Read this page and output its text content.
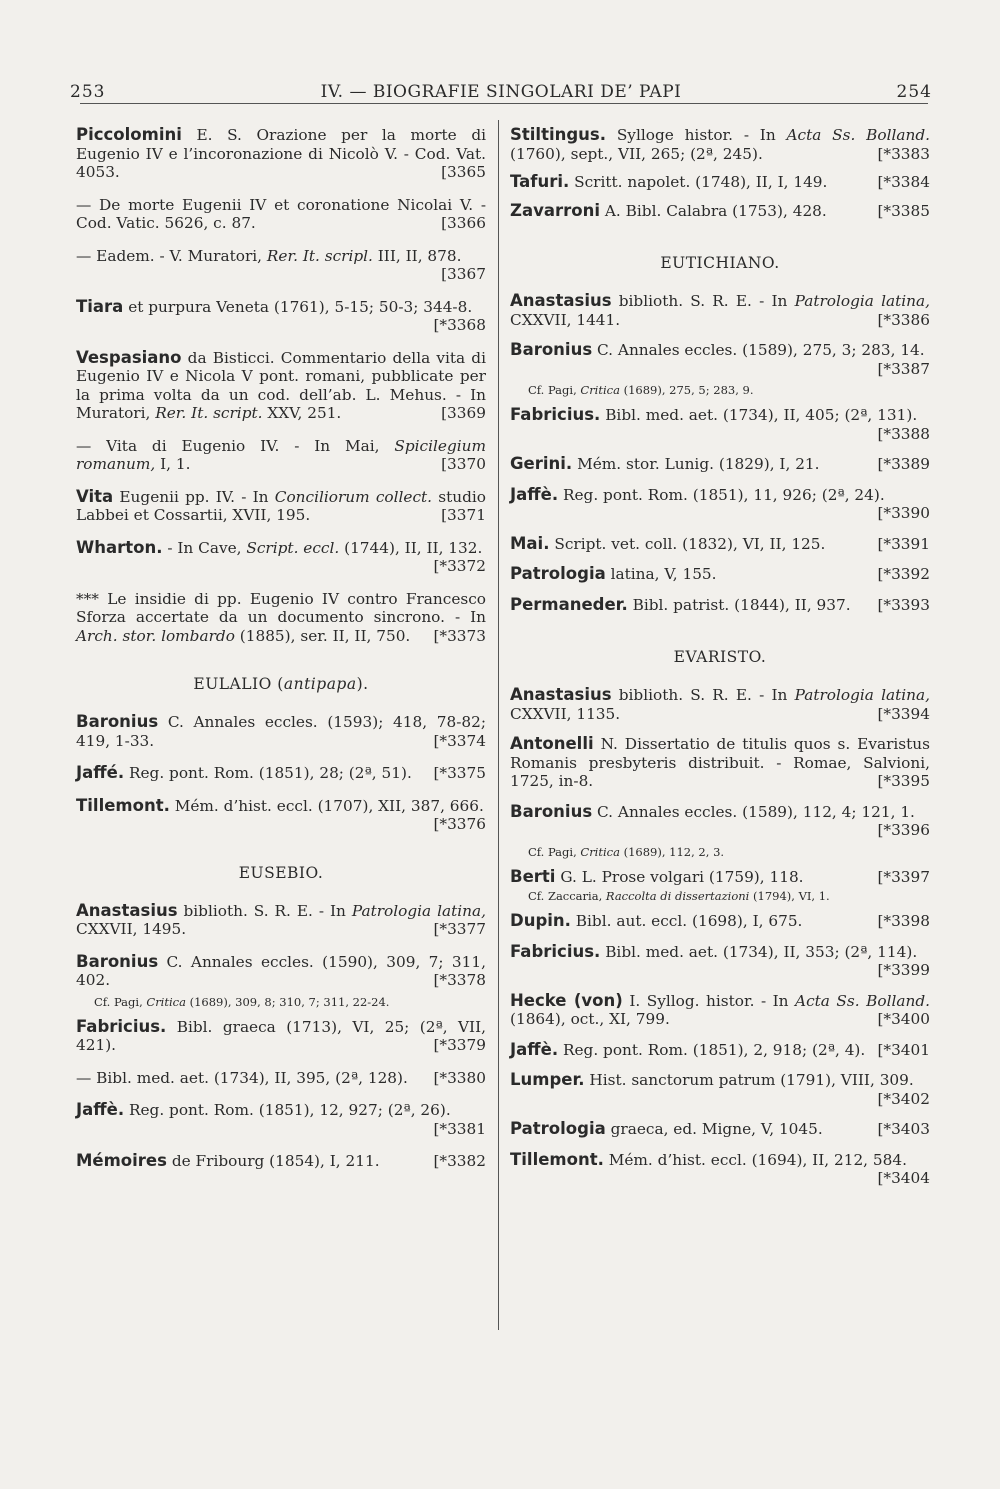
253	IV. — BIOGRAFIE SINGOLARI DE’ PAPI	254
Piccolomini E. S. Orazione per la morte di Eugenio IV e l’incoronazione di Nicolò V. - Cod. Vat. 4053.	[3365
— De morte Eugenii IV et coronatione Nicolai V. - Cod. Vatic. 5626, c. 87.	[3366
— Eadem. - V. Muratori, Rer. It. scripl. III, II, 878.
[3367
Tiara et purpura Veneta (1761), 5-15; 50-3; 344-8.
[*3368
Vespasiano da Bisticci. Commentario della vita di Eugenio IV e Nicola V pont. romani, pubblicate per la prima volta da un cod. dell’ab. L. Mehus. - In Muratori, Rer. It. script. XXV, 251.	[3369
— Vita di Eugenio IV. - In Mai, Spicilegium romanum, I, 1.	[3370
Vita Eugenii pp. IV. - In Conciliorum collect. studio Labbei et Cossartii, XVII, 195.	[3371
Wharton. - In Cave, Script. eccl. (1744), II, II, 132.
[*3372
*** Le insidie di pp. Eugenio IV contro Francesco Sforza accertate da un documento sincrono. - In Arch. stor. lombardo (1885), ser. II, II, 750. [*3373
EULALIO (antipapa).
Baronius C. Annales eccles. (1593); 418, 78-82; 419, 1-33.	[*3374
Jaffé. Reg. pont. Rom. (1851), 28; (2ª, 51). [*3375
Tillemont. Mém. d’hist. eccl. (1707), XII, 387, 666.
[*3376
EUSEBIO.
Anastasius biblioth. S. R. E. - In Patrologia latina, CXXVII, 1495.	[*3377
Baronius C. Annales eccles. (1590), 309, 7; 311, 402.	[*3378
Cf. Pagi, Critica (1689), 309, 8; 310, 7; 311, 22-24.
Fabricius. Bibl. graeca (1713), VI, 25; (2ª, VII, 421).	[*3379
— Bibl. med. aet. (1734), II, 395, (2ª, 128). [*3380
Jaffè. Reg. pont. Rom. (1851), 12, 927; (2ª, 26).
[*3381
Mémoires de Fribourg (1854), I, 211.	[*3382
Stiltingus. Sylloge histor. - In Acta Ss. Bolland. (1760), sept., VII, 265; (2ª, 245).	[*3383
Tafuri. Scritt. napolet. (1748), II, I, 149.	[*3384
Zavarroni A. Bibl. Calabra (1753), 428.	[*3385
EUTICHIANO.
Anastasius biblioth. S. R. E. - In Patrologia latina, CXXVII, 1441.	[*3386
Baronius C. Annales eccles. (1589), 275, 3; 283, 14.
[*3387
Cf. Pagi, Critica (1689), 275, 5; 283, 9.
Fabricius. Bibl. med. aet. (1734), II, 405; (2ª, 131).
[*3388
Gerini. Mém. stor. Lunig. (1829), I, 21.	[*3389
Jaffè. Reg. pont. Rom. (1851), 11, 926; (2ª, 24).
[*3390
Mai. Script. vet. coll. (1832), VI, II, 125.	[*3391
Patrologia latina, V, 155.	[*3392
Permaneder. Bibl. patrist. (1844), II, 937. [*3393
EVARISTO.
Anastasius biblioth. S. R. E. - In Patrologia latina, CXXVII, 1135.	[*3394
Antonelli N. Dissertatio de titulis quos s. Evaristus Romanis presbyteris distribuit. - Romae, Salvioni, 1725, in-8.	[*3395
Baronius C. Annales eccles. (1589), 112, 4; 121, 1.
[*3396
Cf. Pagi, Critica (1689), 112, 2, 3.
Berti G. L. Prose volgari (1759), 118.	[*3397
Cf. Zaccaria, Raccolta di dissertazioni (1794), VI, 1.
Dupin. Bibl. aut. eccl. (1698), I, 675.	[*3398
Fabricius. Bibl. med. aet. (1734), II, 353; (2ª, 114).
[*3399
Hecke (von) I. Syllog. histor. - In Acta Ss. Bolland. (1864), oct., XI, 799.	[*3400
Jaffè. Reg. pont. Rom. (1851), 2, 918; (2ª, 4). [*3401
Lumper. Hist. sanctorum patrum (1791), VIII, 309.
[*3402
Patrologia graeca, ed. Migne, V, 1045.	[*3403
Tillemont. Mém. d’hist. eccl. (1694), II, 212, 584.
[*3404
